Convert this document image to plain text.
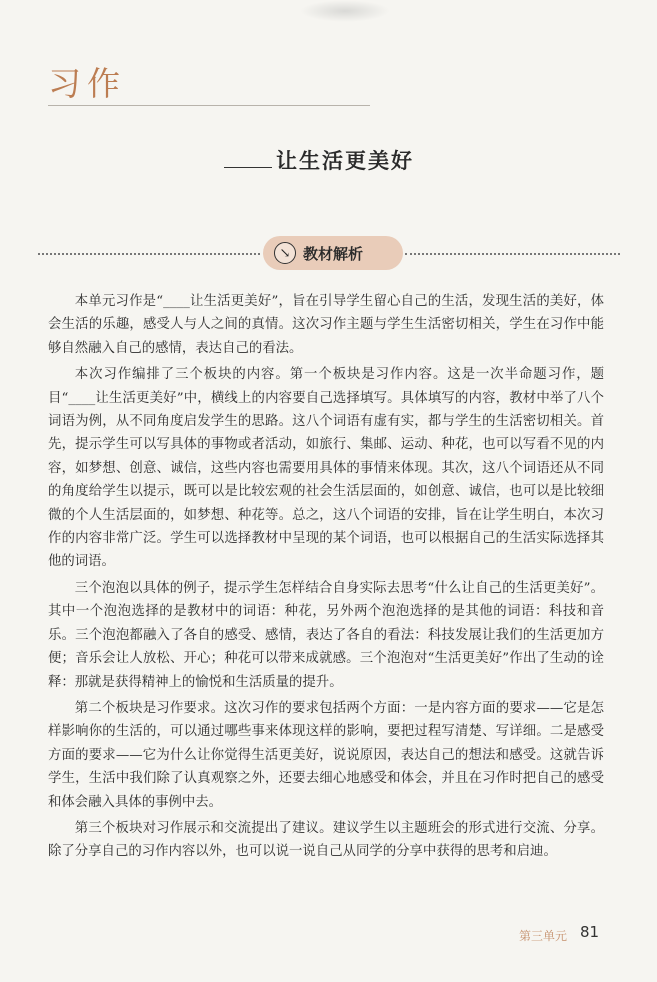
习作
让生活更美好
↘ 教材解析

本单元习作是“____让生活更美好”，旨在引导学生留心自己的生活，发现生活的美好，体会生活的乐趣，感受人与人之间的真情。这次习作主题与学生生活密切相关，学生在习作中能够自然融入自己的感情，表达自己的看法。

本次习作编排了三个板块的内容。第一个板块是习作内容。这是一次半命题习作，题目“____让生活更美好”中，横线上的内容要自己选择填写。具体填写的内容，教材中举了八个词语为例，从不同角度启发学生的思路。这八个词语有虚有实，都与学生的生活密切相关。首先，提示学生可以写具体的事物或者活动，如旅行、集邮、运动、种花，也可以写看不见的内容，如梦想、创意、诚信，这些内容也需要用具体的事情来体现。其次，这八个词语还从不同的角度给学生以提示，既可以是比较宏观的社会生活层面的，如创意、诚信，也可以是比较细微的个人生活层面的，如梦想、种花等。总之，这八个词语的安排，旨在让学生明白，本次习作的内容非常广泛。学生可以选择教材中呈现的某个词语，也可以根据自己的生活实际选择其他的词语。

三个泡泡以具体的例子，提示学生怎样结合自身实际去思考“什么让自己的生活更美好”。其中一个泡泡选择的是教材中的词语：种花，另外两个泡泡选择的是其他的词语：科技和音乐。三个泡泡都融入了各自的感受、感情，表达了各自的看法：科技发展让我们的生活更加方便；音乐会让人放松、开心；种花可以带来成就感。三个泡泡对“生活更美好”作出了生动的诠释：那就是获得精神上的愉悦和生活质量的提升。

第二个板块是习作要求。这次习作的要求包括两个方面：一是内容方面的要求——它是怎样影响你的生活的，可以通过哪些事来体现这样的影响，要把过程写清楚、写详细。二是感受方面的要求——它为什么让你觉得生活更美好，说说原因，表达自己的想法和感受。这就告诉学生，生活中我们除了认真观察之外，还要去细心地感受和体会，并且在习作时把自己的感受和体会融入具体的事例中去。

第三个板块对习作展示和交流提出了建议。建议学生以主题班会的形式进行交流、分享。除了分享自己的习作内容以外，也可以说一说自己从同学的分享中获得的思考和启迪。

第三单元 81
